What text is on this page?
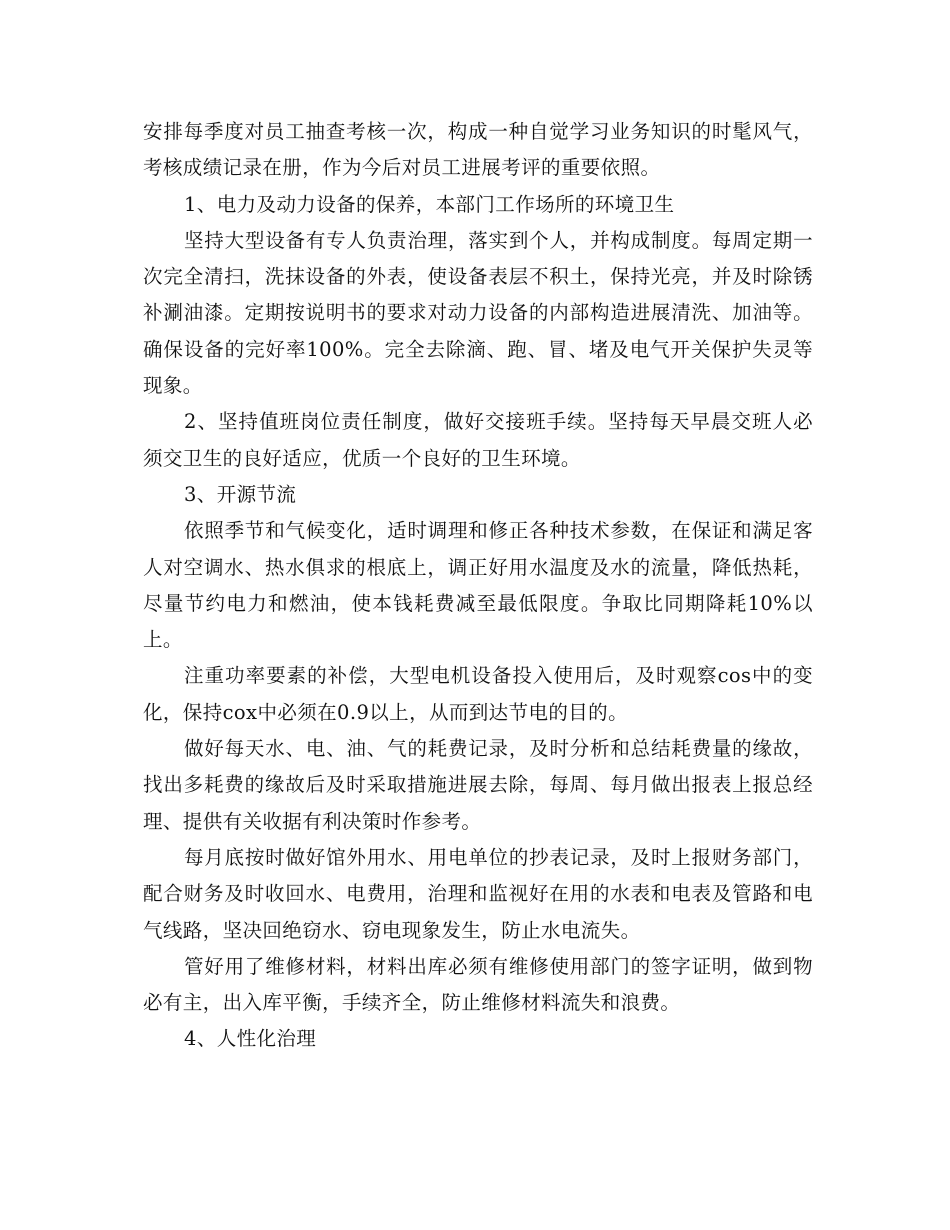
安排每季度对员工抽查考核一次，构成一种自觉学习业务知识的时髦风气，考核成绩记录在册，作为今后对员工进展考评的重要依照。

1、电力及动力设备的保养，本部门工作场所的环境卫生

坚持大型设备有专人负责治理，落实到个人，并构成制度。每周定期一次完全清扫，洗抹设备的外表，使设备表层不积土，保持光亮，并及时除锈补涮油漆。定期按说明书的要求对动力设备的内部构造进展清洗、加油等。确保设备的完好率100%。完全去除滴、跑、冒、堵及电气开关保护失灵等现象。

2、坚持值班岗位责任制度，做好交接班手续。坚持每天早晨交班人必须交卫生的良好适应，优质一个良好的卫生环境。

3、开源节流

依照季节和气候变化，适时调理和修正各种技术参数，在保证和满足客人对空调水、热水俱求的根底上，调正好用水温度及水的流量，降低热耗，尽量节约电力和燃油，使本钱耗费减至最低限度。争取比同期降耗10%以上。

注重功率要素的补偿，大型电机设备投入使用后，及时观察cos中的变化，保持cox中必须在0.9以上，从而到达节电的目的。

做好每天水、电、油、气的耗费记录，及时分析和总结耗费量的缘故，找出多耗费的缘故后及时采取措施进展去除，每周、每月做出报表上报总经理、提供有关收据有利决策时作参考。

每月底按时做好馆外用水、用电单位的抄表记录，及时上报财务部门，配合财务及时收回水、电费用，治理和监视好在用的水表和电表及管路和电气线路，坚决回绝窃水、窃电现象发生，防止水电流失。

管好用了维修材料，材料出库必须有维修使用部门的签字证明，做到物必有主，出入库平衡，手续齐全，防止维修材料流失和浪费。

4、人性化治理
